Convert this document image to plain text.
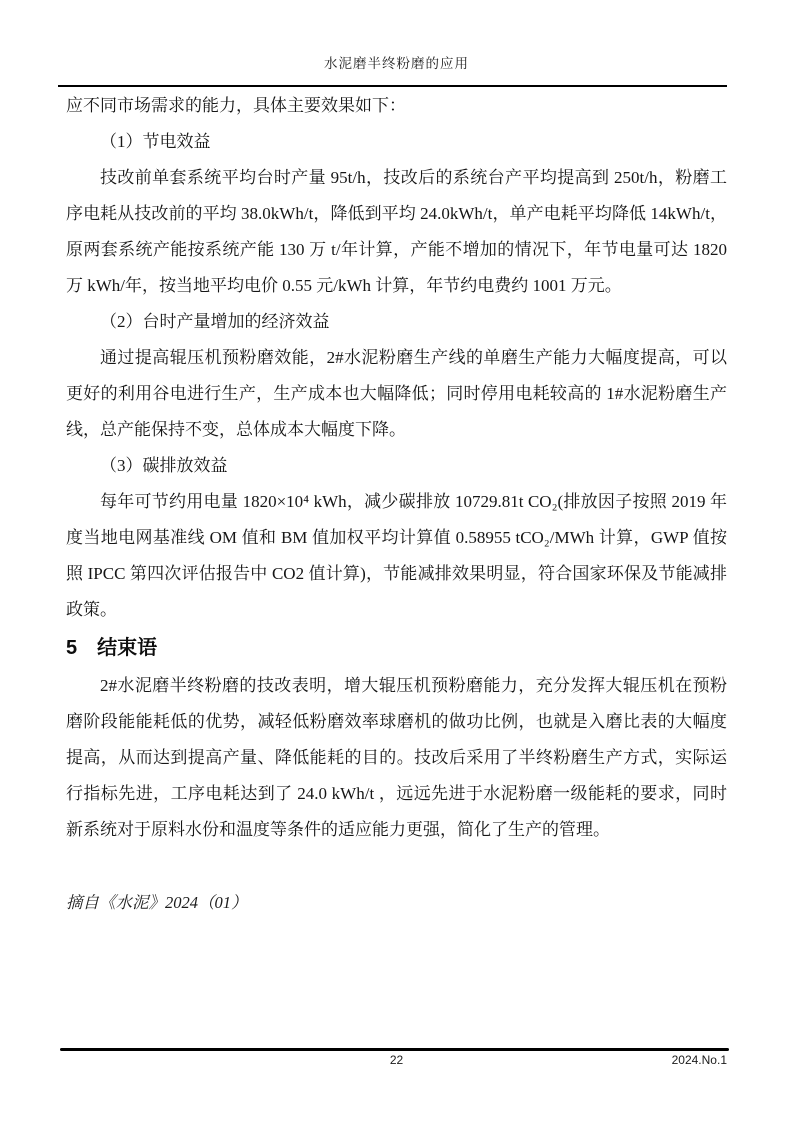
水泥磨半终粉磨的应用

应不同市场需求的能力，具体主要效果如下：

（1）节电效益

技改前单套系统平均台时产量 95t/h，技改后的系统台产平均提高到 250t/h，粉磨工序电耗从技改前的平均 38.0kWh/t，降低到平均 24.0kWh/t，单产电耗平均降低 14kWh/t，原两套系统产能按系统产能 130 万 t/年计算，产能不增加的情况下，年节电量可达 1820 万 kWh/年，按当地平均电价 0.55 元/kWh 计算，年节约电费约 1001 万元。

（2）台时产量增加的经济效益

通过提高辊压机预粉磨效能，2#水泥粉磨生产线的单磨生产能力大幅度提高，可以更好的利用谷电进行生产，生产成本也大幅降低；同时停用电耗较高的 1#水泥粉磨生产线，总产能保持不变，总体成本大幅度下降。

（3）碳排放效益

每年可节约用电量 1820×10⁴ kWh，减少碳排放 10729.81t CO₂(排放因子按照 2019 年度当地电网基准线 OM 值和 BM 值加权平均计算值 0.58955 tCO₂/MWh 计算，GWP 值按照 IPCC 第四次评估报告中 CO2 值计算)，节能减排效果明显，符合国家环保及节能减排政策。

5 结束语

2#水泥磨半终粉磨的技改表明，增大辊压机预粉磨能力，充分发挥大辊压机在预粉磨阶段能能耗低的优势，减轻低粉磨效率球磨机的做功比例，也就是入磨比表的大幅度提高，从而达到提高产量、降低能耗的目的。技改后采用了半终粉磨生产方式，实际运行指标先进，工序电耗达到了 24.0 kWh/t ，远远先进于水泥粉磨一级能耗的要求，同时新系统对于原料水份和温度等条件的适应能力更强，简化了生产的管理。

摘自《水泥》2024（01）

22	2024.No.1
